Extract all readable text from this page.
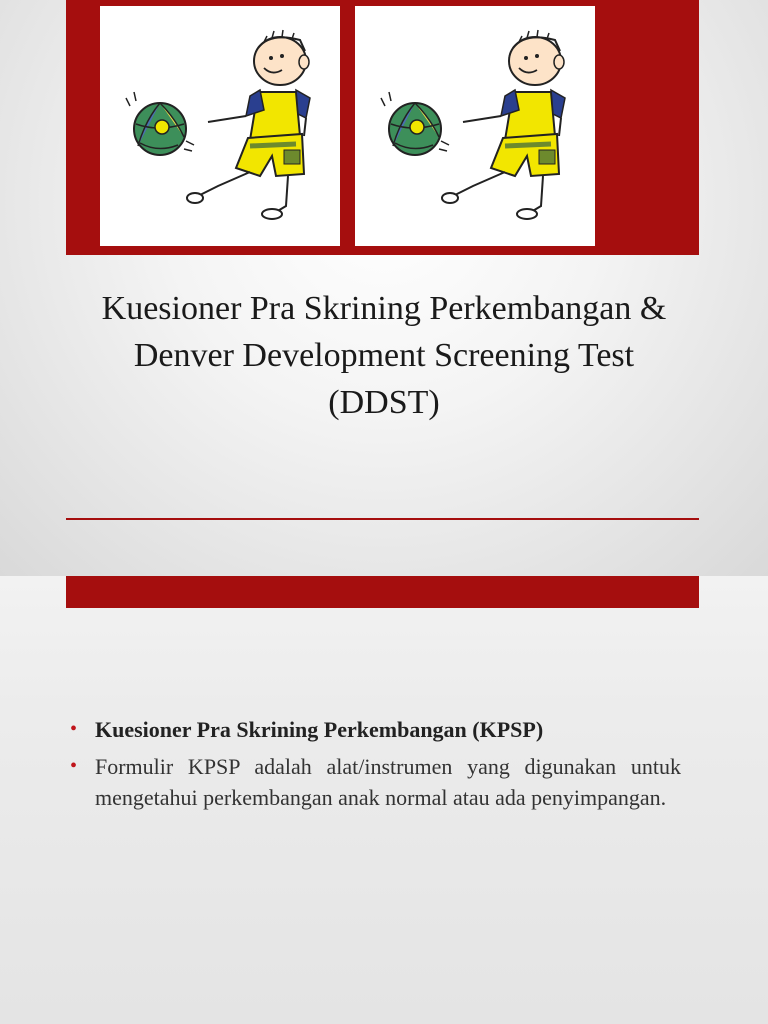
Kuesioner Pra Skrining Perkembangan &
Denver Development Screening Test
(DDST)
• Kuesioner Pra Skrining Perkembangan (KPSP)
• Formulir KPSP adalah alat/instrumen yang digunakan untuk mengetahui perkembangan anak normal atau ada penyimpangan.
